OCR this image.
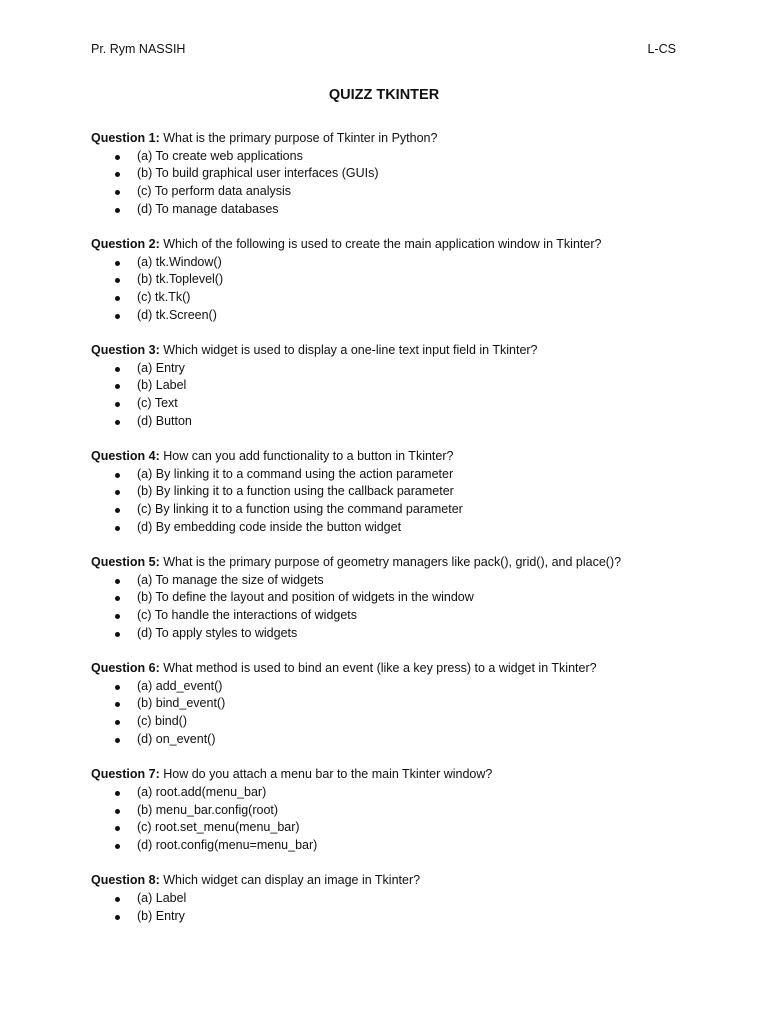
Pr. Rym NASSIH	L-CS
QUIZZ TKINTER
Question 1: What is the primary purpose of Tkinter in Python?
(a) To create web applications
(b) To build graphical user interfaces (GUIs)
(c) To perform data analysis
(d) To manage databases
Question 2: Which of the following is used to create the main application window in Tkinter?
(a) tk.Window()
(b) tk.Toplevel()
(c) tk.Tk()
(d) tk.Screen()
Question 3: Which widget is used to display a one-line text input field in Tkinter?
(a) Entry
(b) Label
(c) Text
(d) Button
Question 4: How can you add functionality to a button in Tkinter?
(a) By linking it to a command using the action parameter
(b) By linking it to a function using the callback parameter
(c) By linking it to a function using the command parameter
(d) By embedding code inside the button widget
Question 5: What is the primary purpose of geometry managers like pack(), grid(), and place()?
(a) To manage the size of widgets
(b) To define the layout and position of widgets in the window
(c) To handle the interactions of widgets
(d) To apply styles to widgets
Question 6: What method is used to bind an event (like a key press) to a widget in Tkinter?
(a) add_event()
(b) bind_event()
(c) bind()
(d) on_event()
Question 7: How do you attach a menu bar to the main Tkinter window?
(a) root.add(menu_bar)
(b) menu_bar.config(root)
(c) root.set_menu(menu_bar)
(d) root.config(menu=menu_bar)
Question 8: Which widget can display an image in Tkinter?
(a) Label
(b) Entry
